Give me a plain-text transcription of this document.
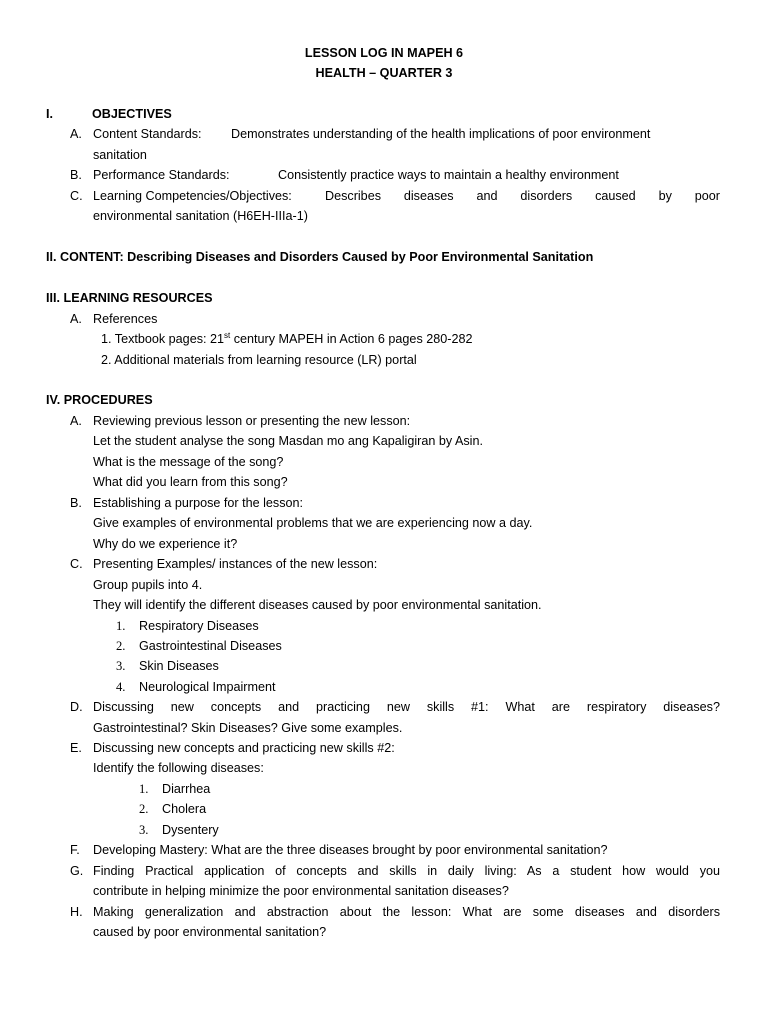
LESSON LOG IN MAPEH 6
HEALTH – QUARTER 3
I.	OBJECTIVES
A. Content Standards: Demonstrates understanding of the health implications of poor environment
sanitation
B. Performance Standards:	Consistently practice ways to maintain a healthy environment
C. Learning Competencies/Objectives:	Describes diseases and disorders caused by poor
environmental sanitation (H6EH-IIIa-1)
II. CONTENT: Describing Diseases and Disorders Caused by Poor Environmental Sanitation
III. LEARNING RESOURCES
A. References
1. Textbook pages: 21st century MAPEH in Action 6 pages 280-282
2. Additional materials from learning resource (LR) portal
IV. PROCEDURES
A. Reviewing previous lesson or presenting the new lesson:
Let the student analyse the song Masdan mo ang Kapaligiran by Asin.
What is the message of the song?
What did you learn from this song?
B. Establishing a purpose for the lesson:
Give examples of environmental problems that we are experiencing now a day.
Why do we experience it?
C. Presenting Examples/ instances of the new lesson:
Group pupils into 4.
They will identify the different diseases caused by poor environmental sanitation.
1. Respiratory Diseases
2. Gastrointestinal Diseases
3. Skin Diseases
4. Neurological Impairment
D. Discussing new concepts and practicing new skills #1: What are respiratory diseases?
Gastrointestinal? Skin Diseases? Give some examples.
E. Discussing new concepts and practicing new skills #2:
Identify the following diseases:
1. Diarrhea
2. Cholera
3. Dysentery
F. Developing Mastery: What are the three diseases brought by poor environmental sanitation?
G. Finding Practical application of concepts and skills in daily living: As a student how would you
contribute in helping minimize the poor environmental sanitation diseases?
H. Making generalization and abstraction about the lesson: What are some diseases and disorders
caused by poor environmental sanitation?
